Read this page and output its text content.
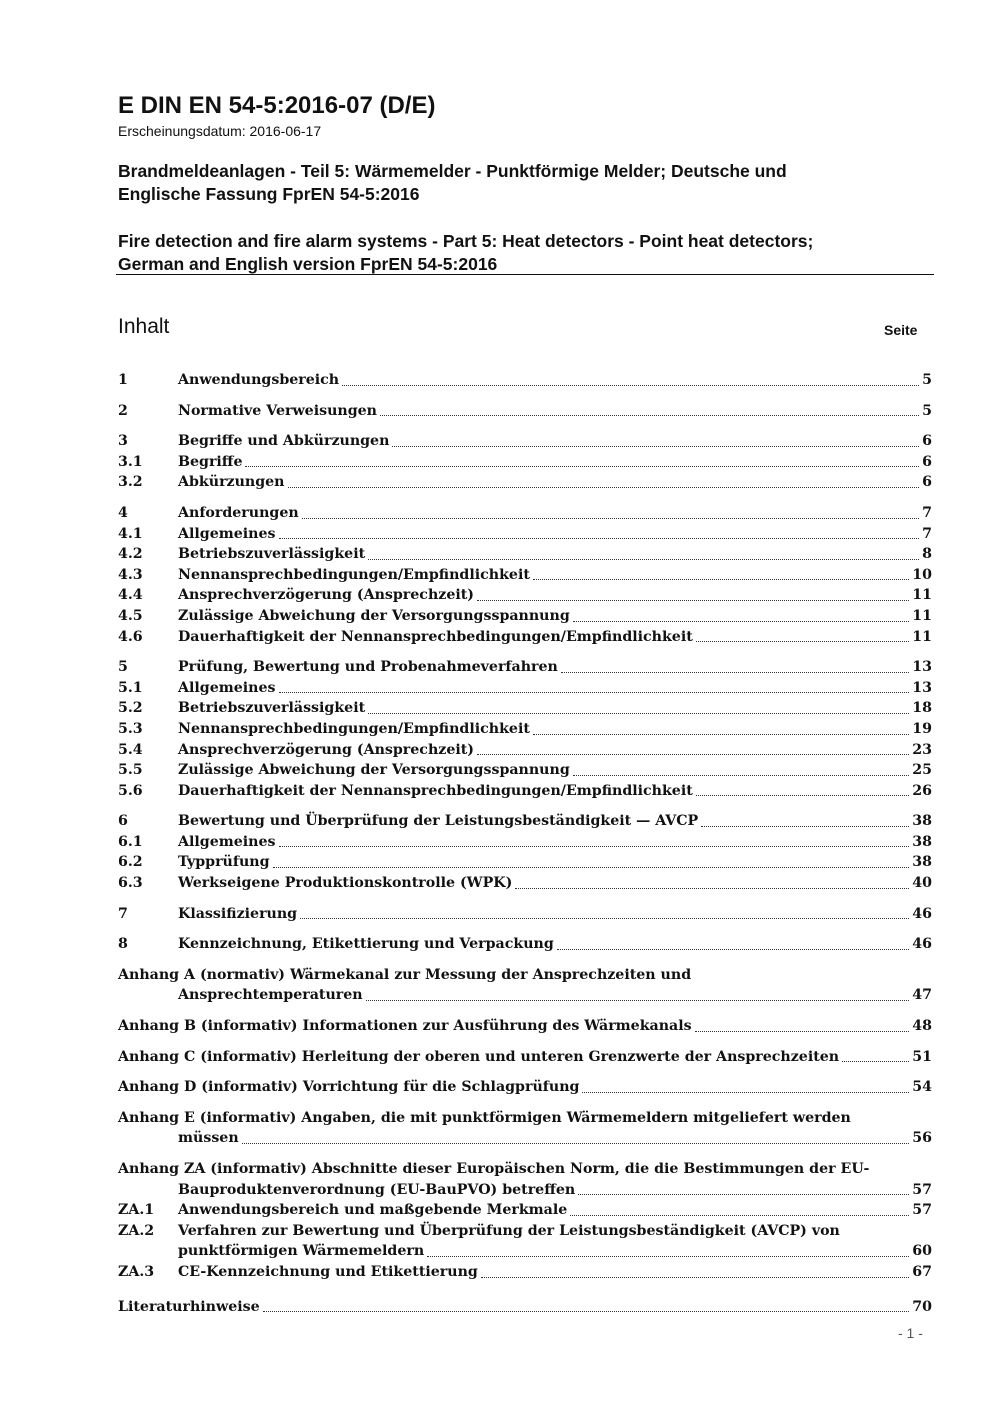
E DIN EN 54-5:2016-07 (D/E)
Erscheinungsdatum: 2016-06-17
Brandmeldeanlagen - Teil 5: Wärmemelder - Punktförmige Melder; Deutsche und
Englische Fassung FprEN 54-5:2016
Fire detection and fire alarm systems - Part 5: Heat detectors - Point heat detectors;
German and English version FprEN 54-5:2016
Inhalt	Seite
1	Anwendungsbereich	5
2	Normative Verweisungen	5
3	Begriffe und Abkürzungen	6
3.1	Begriffe	6
3.2	Abkürzungen	6
4	Anforderungen	7
4.1	Allgemeines	7
4.2	Betriebszuverlässigkeit	8
4.3	Nennansprechbedingungen/Empfindlichkeit	10
4.4	Ansprechverzögerung (Ansprechzeit)	11
4.5	Zulässige Abweichung der Versorgungsspannung	11
4.6	Dauerhaftigkeit der Nennansprechbedingungen/Empfindlichkeit	11
5	Prüfung, Bewertung und Probenahmeverfahren	13
5.1	Allgemeines	13
5.2	Betriebszuverlässigkeit	18
5.3	Nennansprechbedingungen/Empfindlichkeit	19
5.4	Ansprechverzögerung (Ansprechzeit)	23
5.5	Zulässige Abweichung der Versorgungsspannung	25
5.6	Dauerhaftigkeit der Nennansprechbedingungen/Empfindlichkeit	26
6	Bewertung und Überprüfung der Leistungsbeständigkeit — AVCP	38
6.1	Allgemeines	38
6.2	Typprüfung	38
6.3	Werkseigene Produktionskontrolle (WPK)	40
7	Klassifizierung	46
8	Kennzeichnung, Etikettierung und Verpackung	46
Anhang A (normativ) Wärmekanal zur Messung der Ansprechzeiten und
Ansprechtemperaturen	47
Anhang B (informativ) Informationen zur Ausführung des Wärmekanals	48
Anhang C (informativ) Herleitung der oberen und unteren Grenzwerte der Ansprechzeiten	51
Anhang D (informativ) Vorrichtung für die Schlagprüfung	54
Anhang E (informativ) Angaben, die mit punktförmigen Wärmemeldern mitgeliefert werden
müssen	56
Anhang ZA (informativ) Abschnitte dieser Europäischen Norm, die die Bestimmungen der EU-
Bauproduktenverordnung (EU-BauPVO) betreffen	57
ZA.1	Anwendungsbereich und maßgebende Merkmale	57
ZA.2	Verfahren zur Bewertung und Überprüfung der Leistungsbeständigkeit (AVCP) von
punktförmigen Wärmemeldern	60
ZA.3	CE-Kennzeichnung und Etikettierung	67
Literaturhinweise	70
- 1 -
